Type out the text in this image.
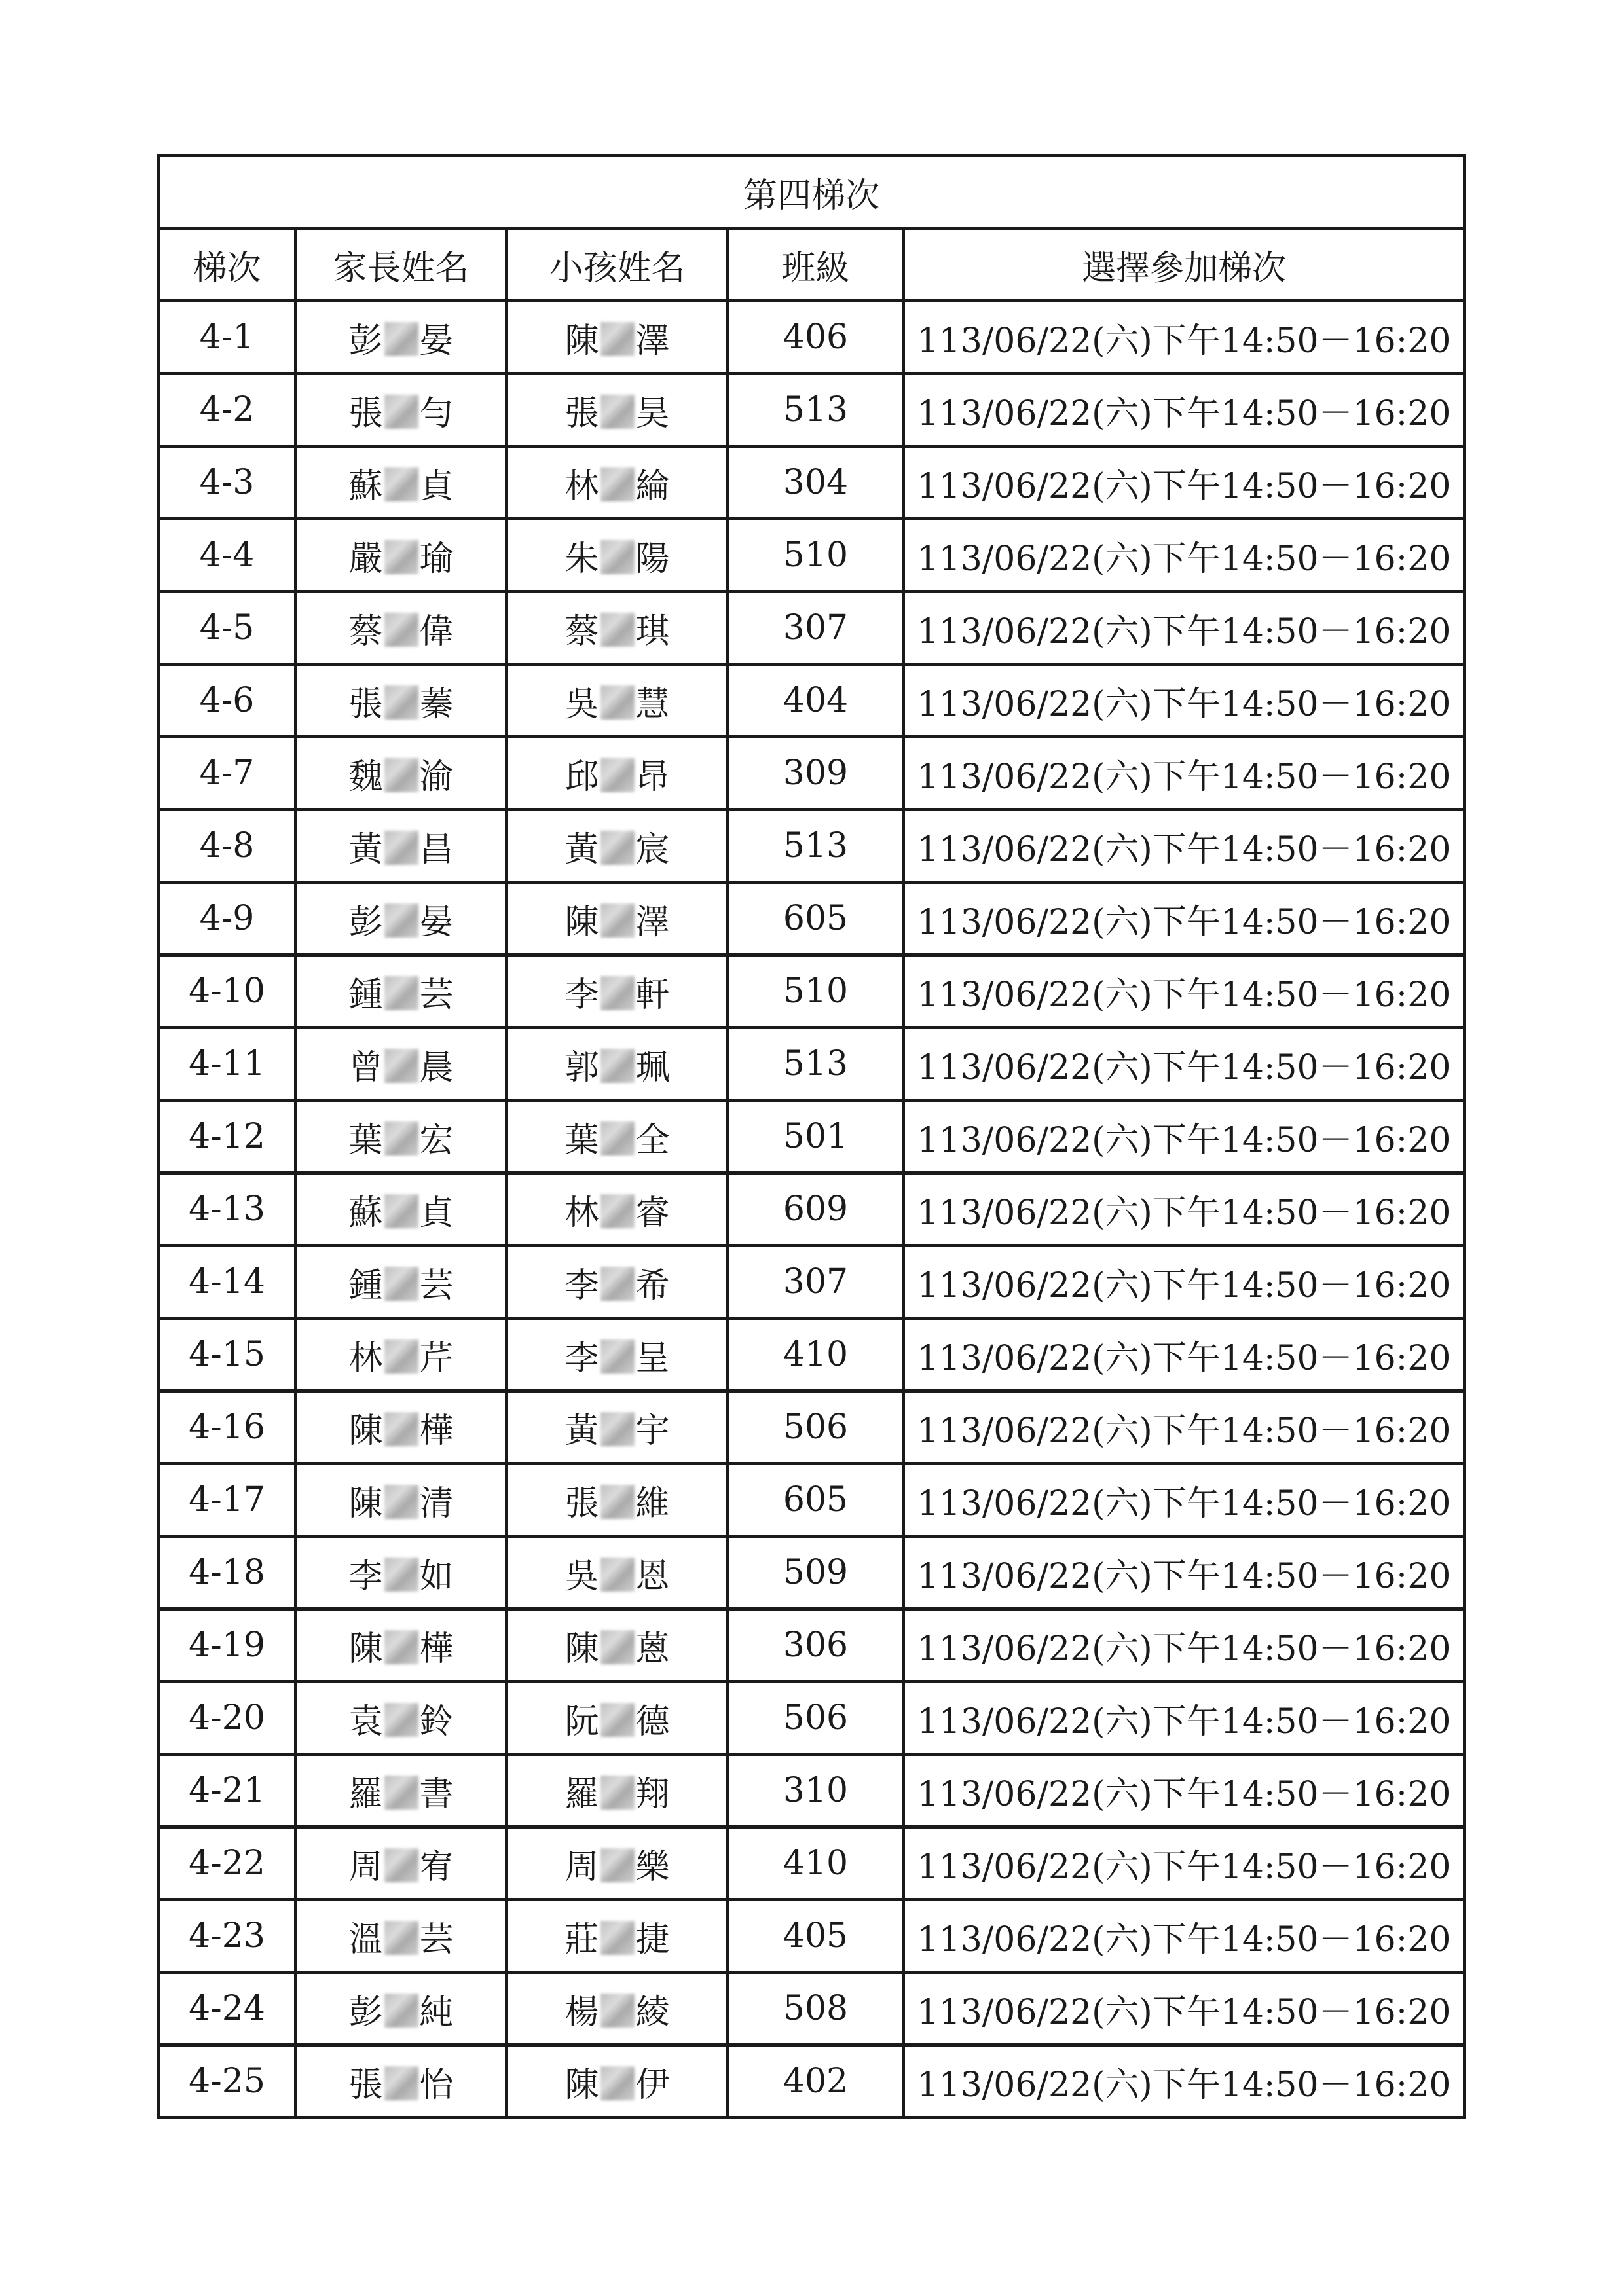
第四梯次				
梯次	家長姓名	小孩姓名	班級	選擇參加梯次
4-1	彭 晏	陳 澤	406	113/06/22(六)下午14:50－16:20
4-2	張 勻	張 昊	513	113/06/22(六)下午14:50－16:20
4-3	蘇 貞	林 綸	304	113/06/22(六)下午14:50－16:20
4-4	嚴 瑜	朱 陽	510	113/06/22(六)下午14:50－16:20
4-5	蔡 偉	蔡 琪	307	113/06/22(六)下午14:50－16:20
4-6	張 蓁	吳 慧	404	113/06/22(六)下午14:50－16:20
4-7	魏 渝	邱 昂	309	113/06/22(六)下午14:50－16:20
4-8	黃 昌	黃 宸	513	113/06/22(六)下午14:50－16:20
4-9	彭 晏	陳 澤	605	113/06/22(六)下午14:50－16:20
4-10	鍾 芸	李 軒	510	113/06/22(六)下午14:50－16:20
4-11	曾 晨	郭 珮	513	113/06/22(六)下午14:50－16:20
4-12	葉 宏	葉 全	501	113/06/22(六)下午14:50－16:20
4-13	蘇 貞	林 睿	609	113/06/22(六)下午14:50－16:20
4-14	鍾 芸	李 希	307	113/06/22(六)下午14:50－16:20
4-15	林 芹	李 呈	410	113/06/22(六)下午14:50－16:20
4-16	陳 樺	黃 宇	506	113/06/22(六)下午14:50－16:20
4-17	陳 清	張 維	605	113/06/22(六)下午14:50－16:20
4-18	李 如	吳 恩	509	113/06/22(六)下午14:50－16:20
4-19	陳 樺	陳 蒽	306	113/06/22(六)下午14:50－16:20
4-20	袁 鈴	阮 德	506	113/06/22(六)下午14:50－16:20
4-21	羅 書	羅 翔	310	113/06/22(六)下午14:50－16:20
4-22	周 宥	周 樂	410	113/06/22(六)下午14:50－16:20
4-23	溫 芸	莊 捷	405	113/06/22(六)下午14:50－16:20
4-24	彭 純	楊 綾	508	113/06/22(六)下午14:50－16:20
4-25	張 怡	陳 伊	402	113/06/22(六)下午14:50－16:20
